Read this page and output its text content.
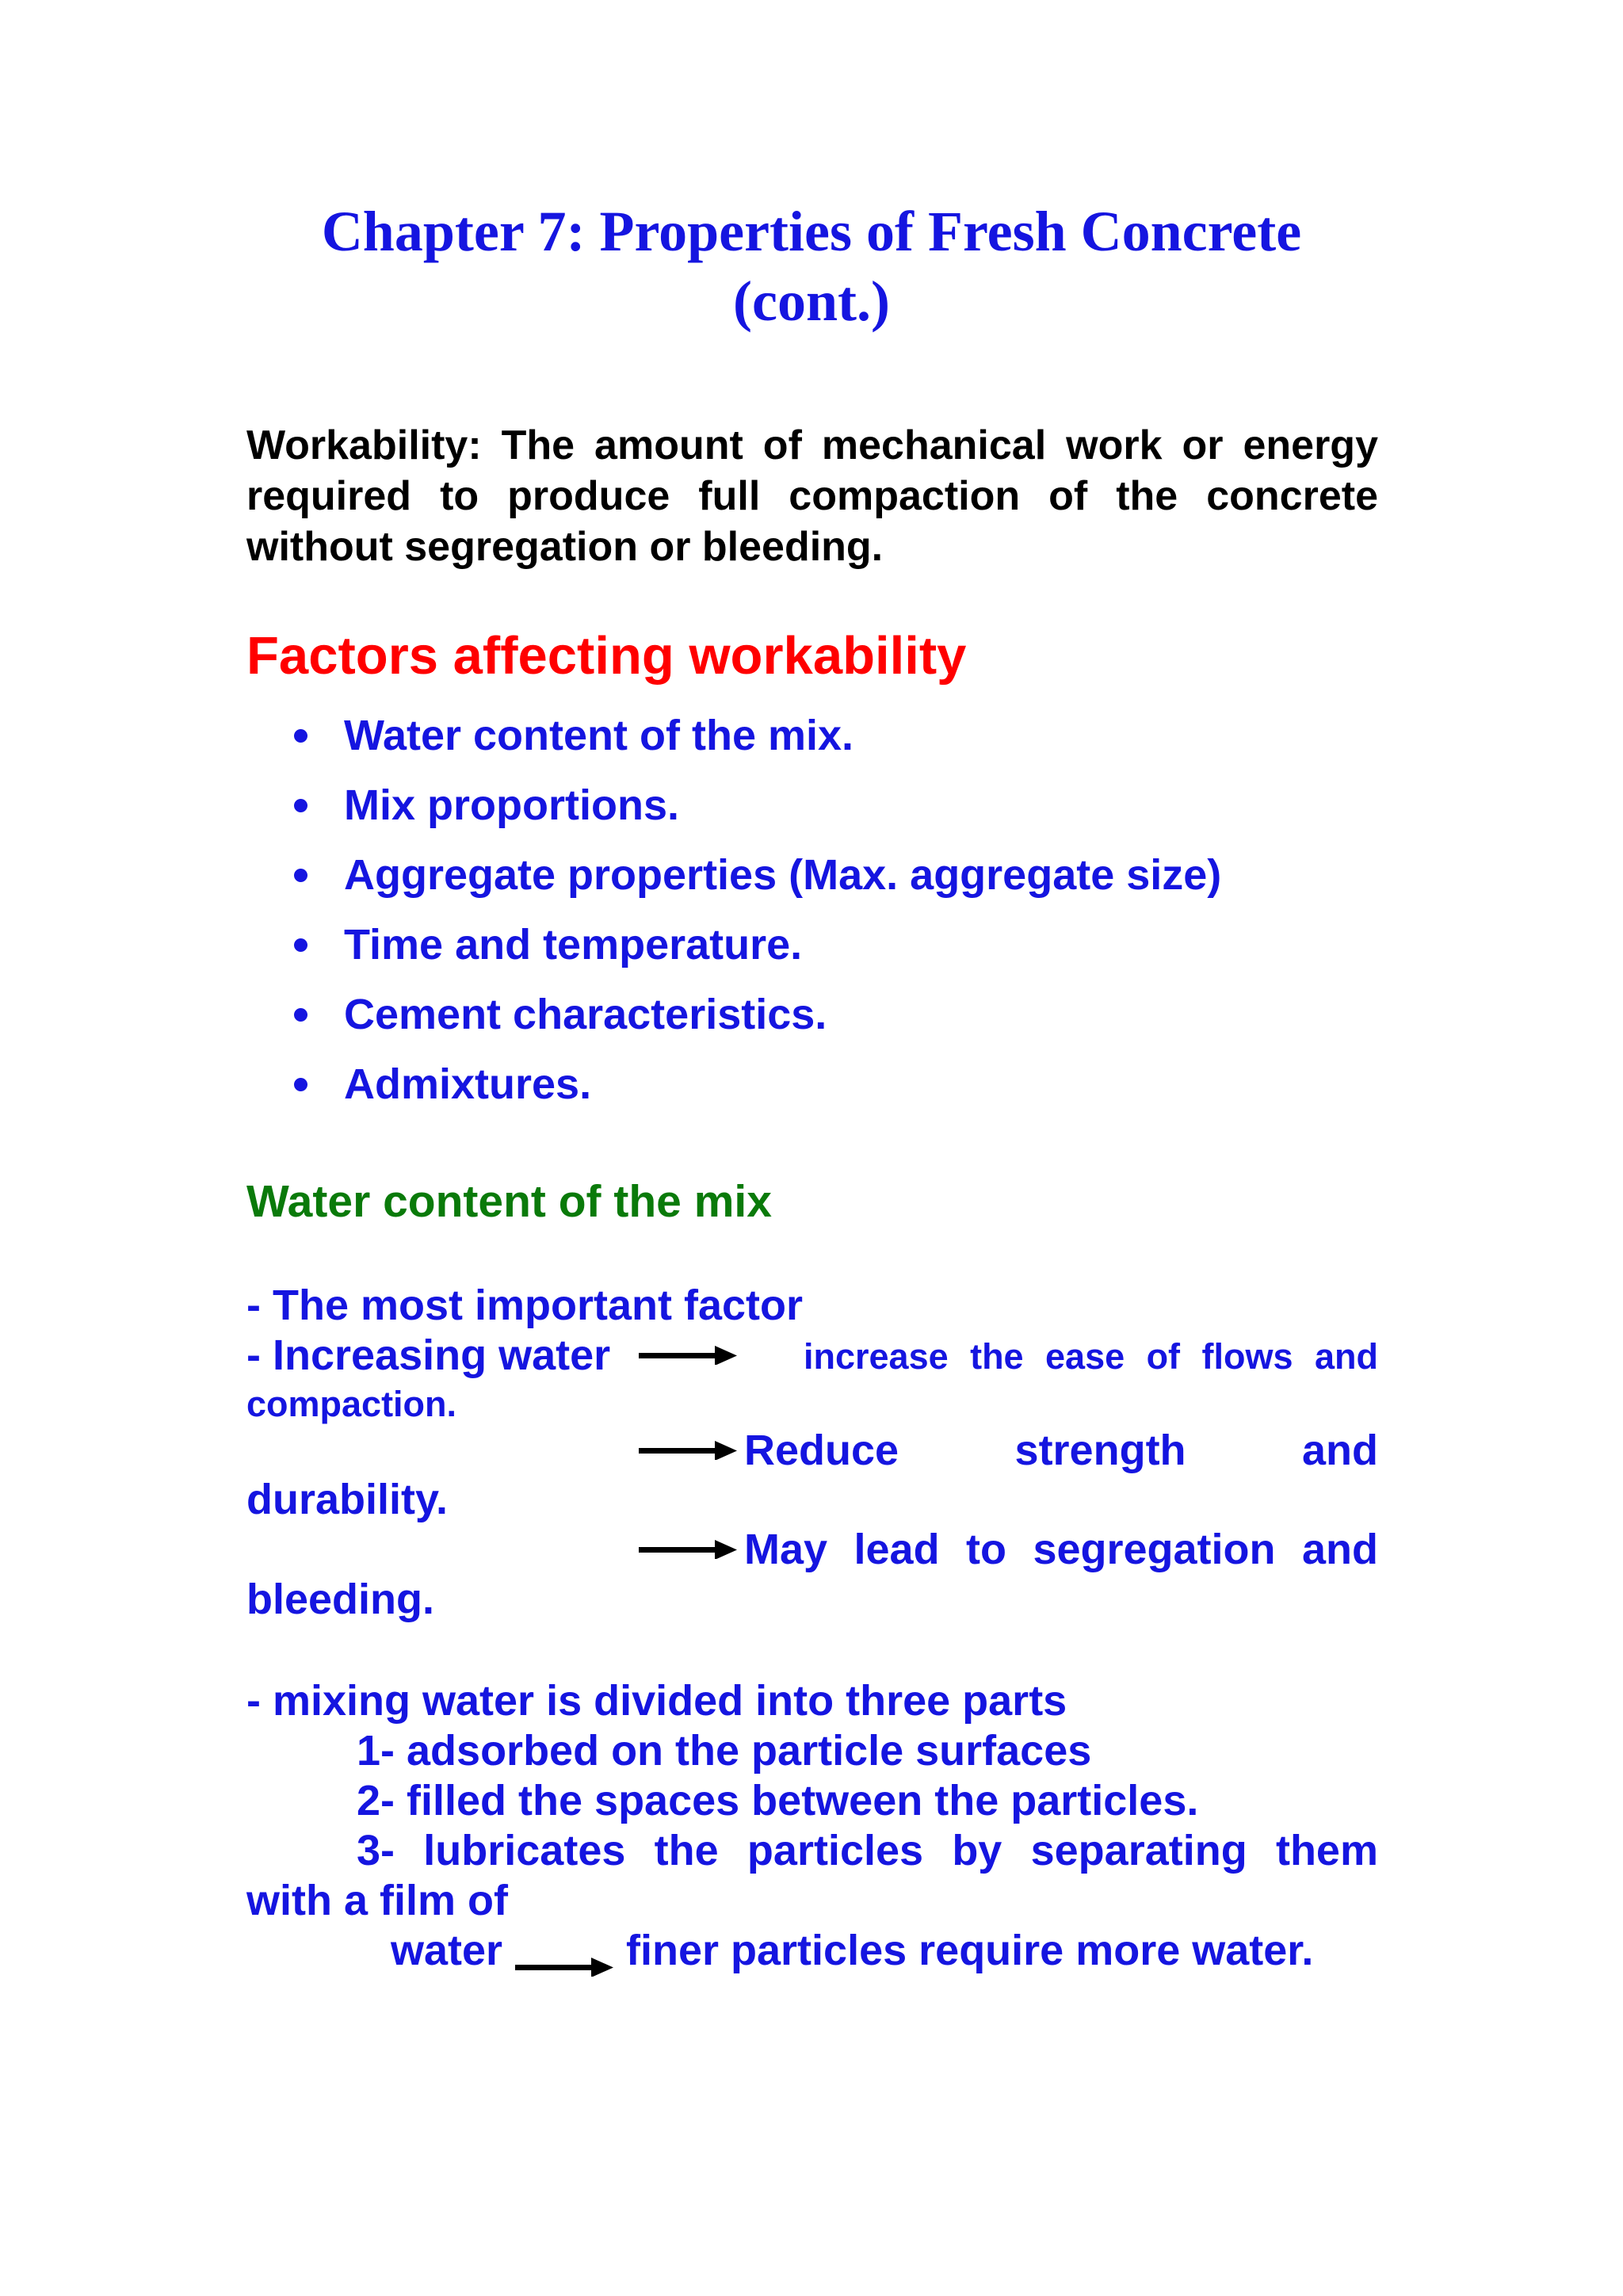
Chapter 7: Properties of Fresh Concrete
(cont.)

Workability: The amount of mechanical work or energy required to produce full compaction of the concrete without segregation or bleeding.

Factors affecting workability
Water content of the mix.
Mix proportions.
Aggregate properties (Max. aggregate size)
Time and temperature.
Cement characteristics.
Admixtures.
Water content of the mix
- The most important factor
- Increasing water	increase the ease of flows and
compaction.
Reduce	strength	and
durability.
May lead to segregation and
bleeding.
- mixing water is divided into three parts
1- adsorbed on the particle surfaces
2- filled the spaces between the particles.
3- lubricates the particles by separating them
with a film of
water	finer particles require more water.
